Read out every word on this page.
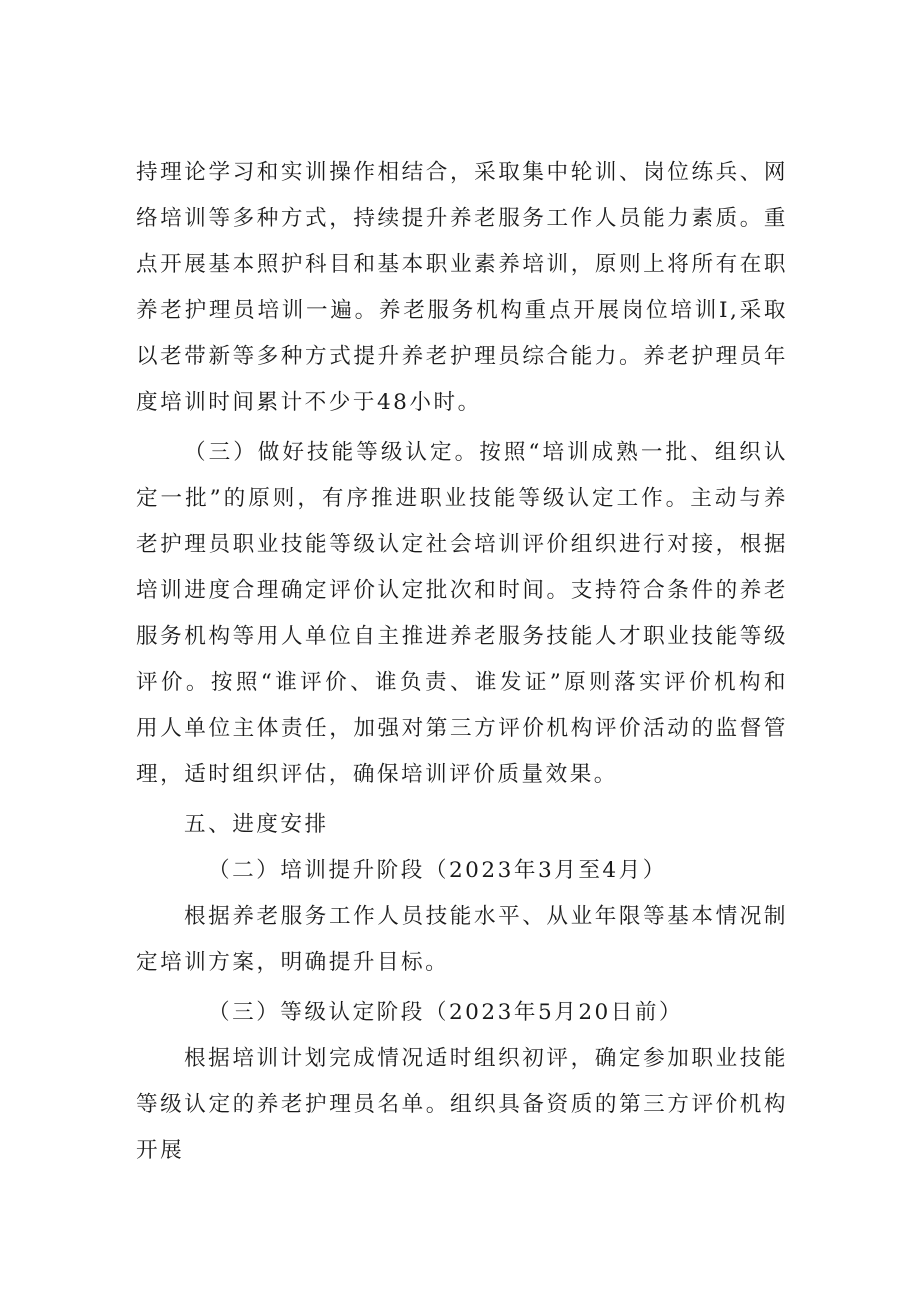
持理论学习和实训操作相结合，采取集中轮训、岗位练兵、网络培训等多种方式，持续提升养老服务工作人员能力素质。重点开展基本照护科目和基本职业素养培训，原则上将所有在职养老护理员培训一遍。养老服务机构重点开展岗位培训I,采取以老带新等多种方式提升养老护理员综合能力。养老护理员年度培训时间累计不少于48小时。

（三）做好技能等级认定。按照“培训成熟一批、组织认定一批”的原则，有序推进职业技能等级认定工作。主动与养老护理员职业技能等级认定社会培训评价组织进行对接，根据培训进度合理确定评价认定批次和时间。支持符合条件的养老服务机构等用人单位自主推进养老服务技能人才职业技能等级评价。按照“谁评价、谁负责、谁发证”原则落实评价机构和用人单位主体责任，加强对第三方评价机构评价活动的监督管理，适时组织评估，确保培训评价质量效果。

五、进度安排

（二）培训提升阶段（2023年3月至4月）

根据养老服务工作人员技能水平、从业年限等基本情况制定培训方案，明确提升目标。

（三）等级认定阶段（2023年5月20日前）

根据培训计划完成情况适时组织初评，确定参加职业技能等级认定的养老护理员名单。组织具备资质的第三方评价机构开展
